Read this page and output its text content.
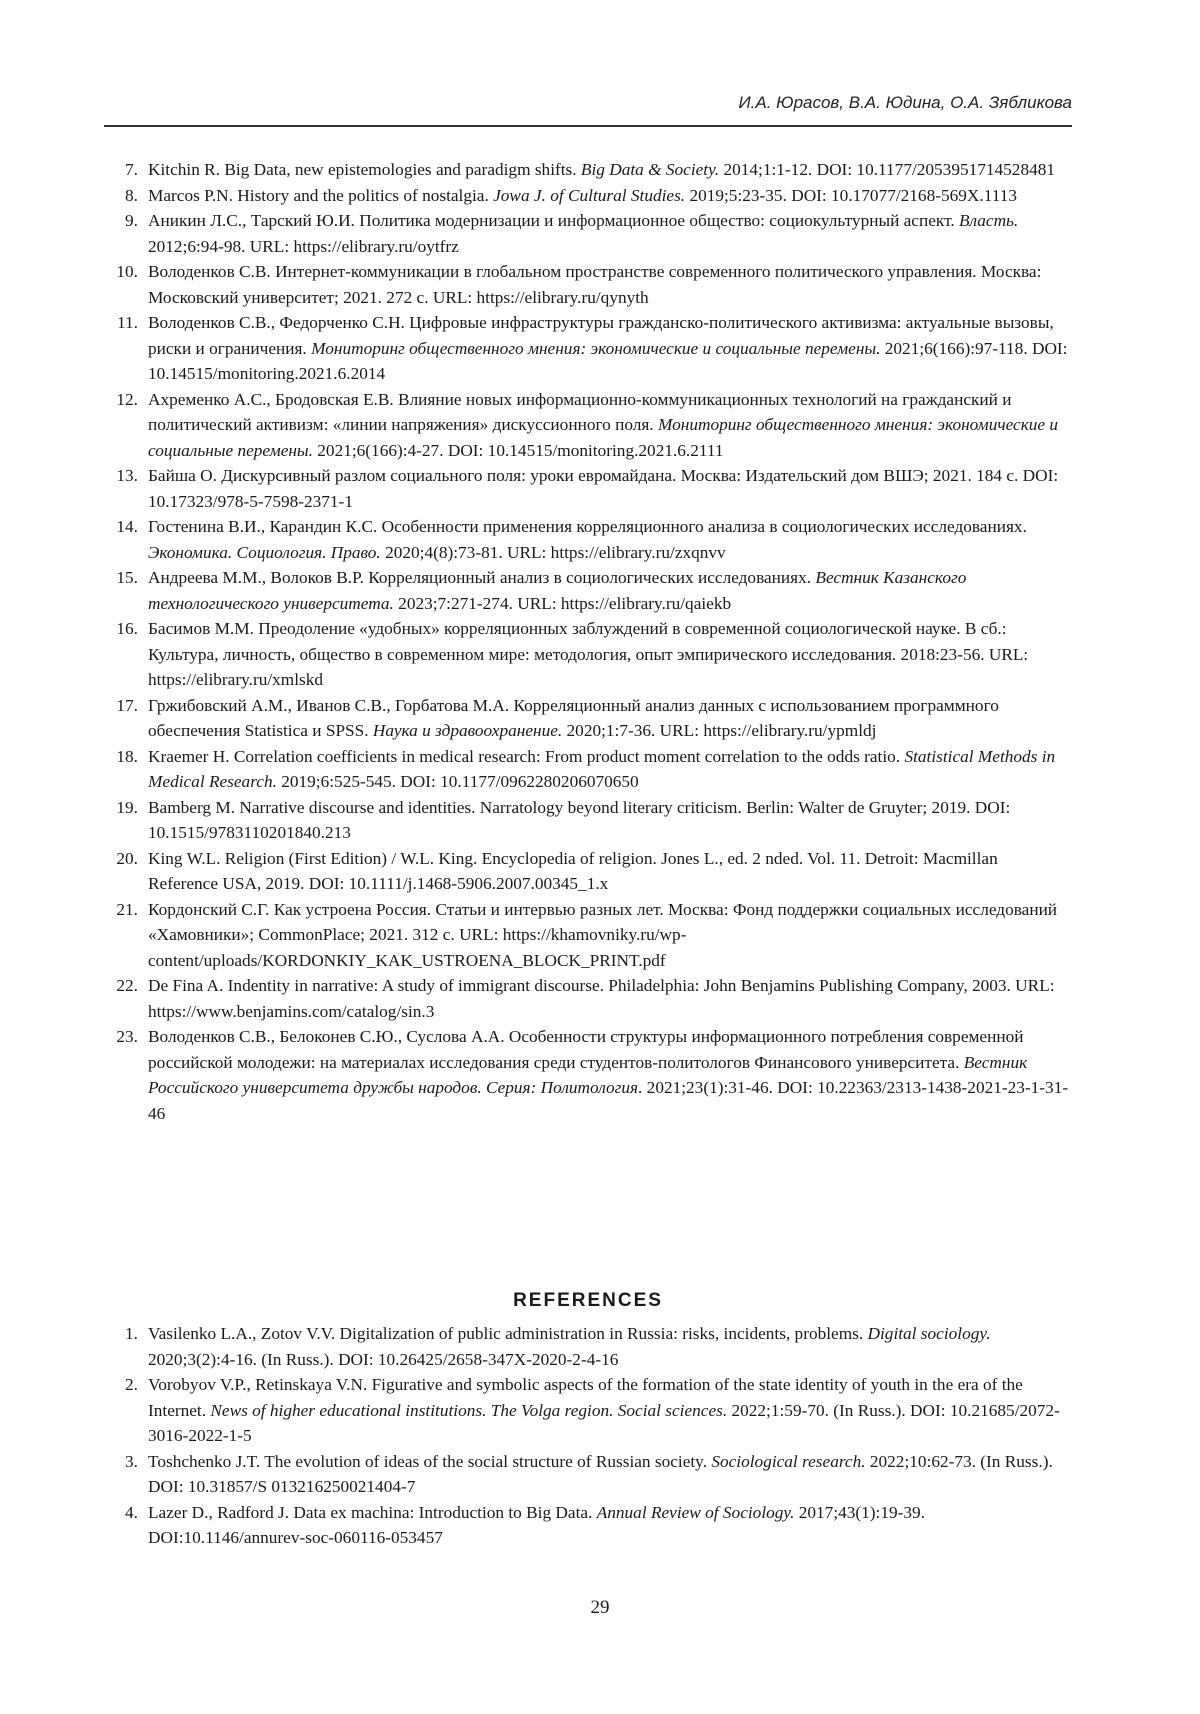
И.А. Юрасов, В.А. Юдина, О.А. Зябликова
7. Kitchin R. Big Data, new epistemologies and paradigm shifts. Big Data & Society. 2014;1:1-12. DOI: 10.1177/2053951714528481
8. Marcos P.N. History and the politics of nostalgia. Jowa J. of Cultural Studies. 2019;5:23-35. DOI: 10.17077/2168-569X.1113
9. Аникин Л.С., Тарский Ю.И. Политика модернизации и информационное общество: социокультурный аспект. Власть. 2012;6:94-98. URL: https://elibrary.ru/oytfrz
10. Володенков С.В. Интернет-коммуникации в глобальном пространстве современного политического управления. Москва: Московский университет; 2021. 272 с. URL: https://elibrary.ru/qynyth
11. Володенков С.В., Федорченко С.Н. Цифровые инфраструктуры гражданско-политического активизма: актуальные вызовы, риски и ограничения. Мониторинг общественного мнения: экономические и социальные перемены. 2021;6(166):97-118. DOI: 10.14515/monitoring.2021.6.2014
12. Ахременко А.С., Бродовская Е.В. Влияние новых информационно-коммуникационных технологий на гражданский и политический активизм: «линии напряжения» дискуссионного поля. Мониторинг общественного мнения: экономические и социальные перемены. 2021;6(166):4-27. DOI: 10.14515/monitoring.2021.6.2111
13. Байша О. Дискурсивный разлом социального поля: уроки евромайдана. Москва: Издательский дом ВШЭ; 2021. 184 с. DOI: 10.17323/978-5-7598-2371-1
14. Гостенина В.И., Карандин К.С. Особенности применения корреляционного анализа в социологических исследованиях. Экономика. Социология. Право. 2020;4(8):73-81. URL: https://elibrary.ru/zxqnvv
15. Андреева М.М., Волоков В.Р. Корреляционный анализ в социологических исследованиях. Вестник Казанского технологического университета. 2023;7:271-274. URL: https://elibrary.ru/qaiekb
16. Басимов М.М. Преодоление «удобных» корреляционных заблуждений в современной социологической науке. В сб.: Культура, личность, общество в современном мире: методология, опыт эмпирического исследования. 2018:23-56. URL: https://elibrary.ru/xmlskd
17. Гржибовский А.М., Иванов С.В., Горбатова М.А. Корреляционный анализ данных с использованием программного обеспечения Statistica и SPSS. Наука и здравоохранение. 2020;1:7-36. URL: https://elibrary.ru/ypmldj
18. Kraemer H. Correlation coefficients in medical research: From product moment correlation to the odds ratio. Statistical Methods in Medical Research. 2019;6:525-545. DOI: 10.1177/0962280206070650
19. Bamberg M. Narrative discourse and identities. Narratology beyond literary criticism. Berlin: Walter de Gruyter; 2019. DOI: 10.1515/9783110201840.213
20. King W.L. Religion (First Edition) / W.L. King. Encyclopedia of religion. Jones L., ed. 2 nded. Vol. 11. Detroit: Macmillan Reference USA, 2019. DOI: 10.1111/j.1468-5906.2007.00345_1.x
21. Кордонский С.Г. Как устроена Россия. Статьи и интервью разных лет. Москва: Фонд поддержки социальных исследований «Хамовники»; CommonPlace; 2021. 312 с. URL: https://khamovniky.ru/wp-content/uploads/KORDONKIY_KAK_USTROENA_BLOCK_PRINT.pdf
22. De Fina A. Indentity in narrative: A study of immigrant discourse. Philadelphia: John Benjamins Publishing Company, 2003. URL: https://www.benjamins.com/catalog/sin.3
23. Володенков С.В., Белоконев С.Ю., Суслова А.А. Особенности структуры информационного потребления современной российской молодежи: на материалах исследования среди студентов-политологов Финансового университета. Вестник Российского университета дружбы народов. Серия: Политология. 2021;23(1):31-46. DOI: 10.22363/2313-1438-2021-23-1-31-46
REFERENCES
1. Vasilenko L.A., Zotov V.V. Digitalization of public administration in Russia: risks, incidents, problems. Digital sociology. 2020;3(2):4-16. (In Russ.). DOI: 10.26425/2658-347X-2020-2-4-16
2. Vorobyov V.P., Retinskaya V.N. Figurative and symbolic aspects of the formation of the state identity of youth in the era of the Internet. News of higher educational institutions. The Volga region. Social sciences. 2022;1:59-70. (In Russ.). DOI: 10.21685/2072-3016-2022-1-5
3. Toshchenko J.T. The evolution of ideas of the social structure of Russian society. Sociological research. 2022;10:62-73. (In Russ.). DOI: 10.31857/S 013216250021404-7
4. Lazer D., Radford J. Data ex machina: Introduction to Big Data. Annual Review of Sociology. 2017;43(1):19-39. DOI:10.1146/annurev-soc-060116-053457
29
